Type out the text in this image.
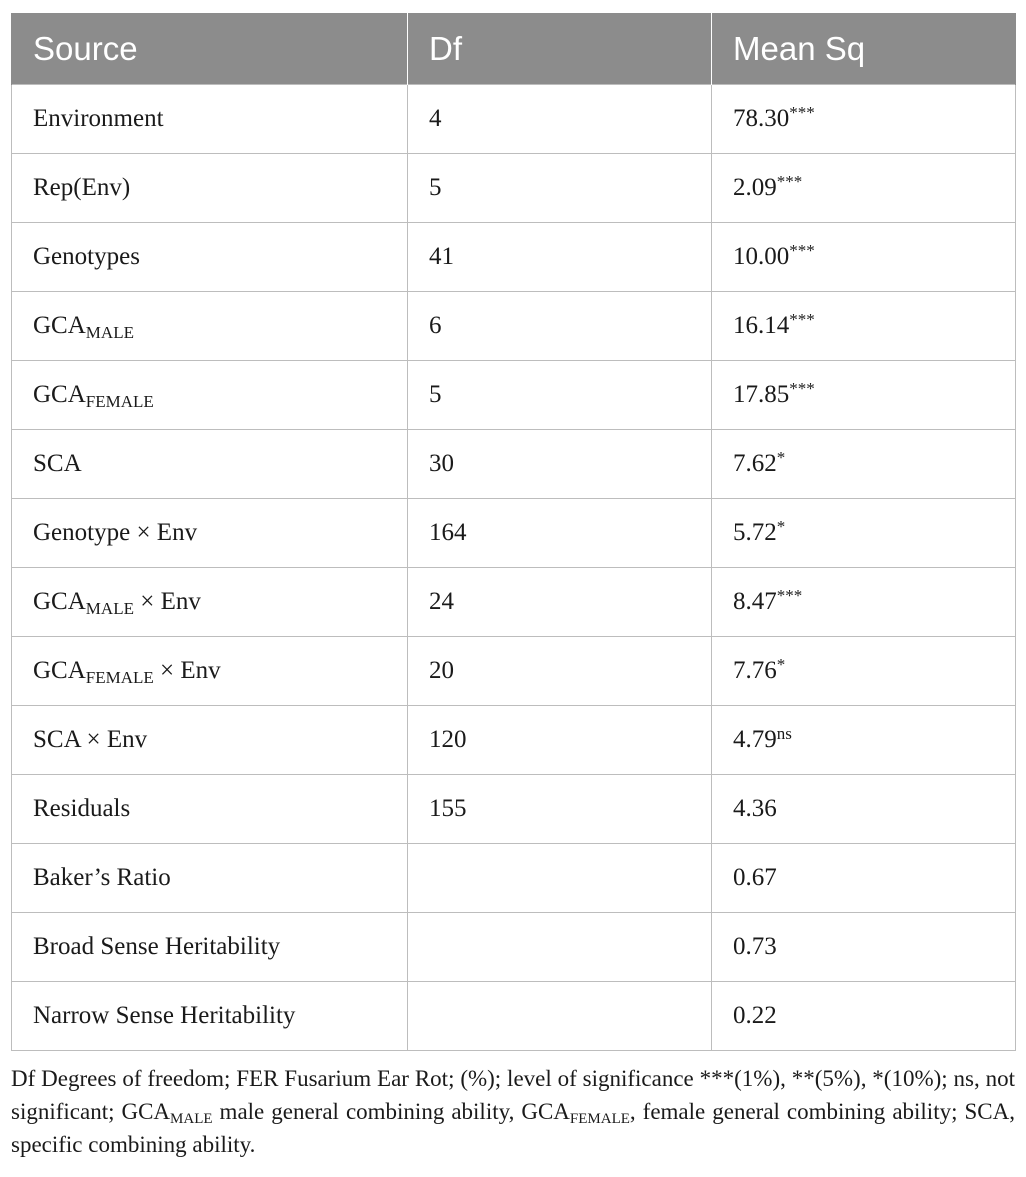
Source	Df	Mean Sq
Environment	4	78.30***
Rep(Env)	5	2.09***
Genotypes	41	10.00***
$GCA_{MALE}$	6	16.14***
$GCA_{FEMALE}$	5	17.85***
SCA	30	7.62*
Genotype × Env	164	5.72*
$GCA_{MALE}$ × Env	24	8.47***
$GCA_{FEMALE}$ × Env	20	7.76*
SCA × Env	120	$4.79^{ns}$
Residuals	155	4.36
Baker’s Ratio		0.67
Broad Sense Heritability		0.73
Narrow Sense Heritability		0.22
Df Degrees of freedom; FER Fusarium Ear Rot; (%); level of significance ***(1%), **(5%), *(10%); ns, not significant; $GCA_{MALE}$ male general combining ability, $GCA_{FEMALE}$, female general combining ability; SCA, specific combining ability.
